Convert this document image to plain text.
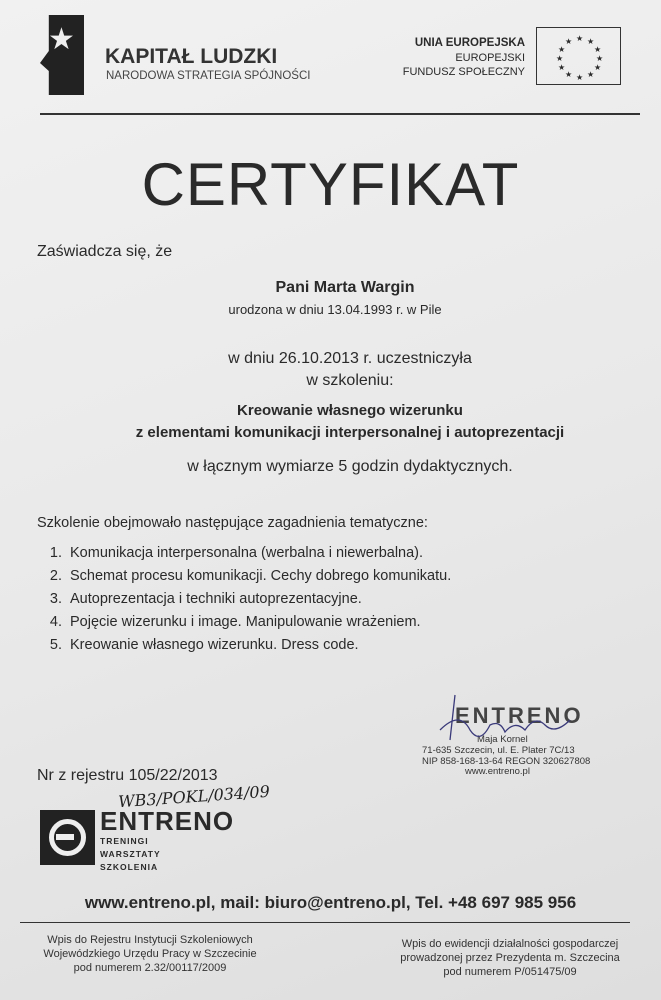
★
KAPITAŁ LUDZKI
NARODOWA STRATEGIA SPÓJNOŚCI
UNIA EUROPEJSKA
EUROPEJSKI
FUNDUSZ SPOŁECZNY
★ ★
★
★
★
★
★
★
★
★
★
★
CERTYFIKAT
Zaświadcza się, że
Pani Marta Wargin
urodzona w dniu 13.04.1993 r. w Pile
w dniu 26.10.2013 r. uczestniczyła
w szkoleniu:
Kreowanie własnego wizerunku
z elementami komunikacji interpersonalnej i autoprezentacji
w łącznym wymiarze 5 godzin dydaktycznych.
Szkolenie obejmowało następujące zagadnienia tematyczne:
1. Komunikacja interpersonalna (werbalna i niewerbalna).
2. Schemat procesu komunikacji. Cechy dobrego komunikatu.
3. Autoprezentacja i techniki autoprezentacyjne.
4. Pojęcie wizerunku i image. Manipulowanie wrażeniem.
5. Kreowanie własnego wizerunku. Dress code.
ENTRENO
Maja Kornel
71-635 Szczecin, ul. E. Plater 7C/13
NIP 858-168-13-64 REGON 320627808
www.entreno.pl
Nr z rejestru 105/22/2013
WB3/POKL/034/09
ENTRENO
TRENINGI
WARSZTATY
SZKOLENIA
www.entreno.pl, mail: biuro@entreno.pl, Tel. +48 697 985 956
Wpis do Rejestru Instytucji Szkoleniowych
Wojewódzkiego Urzędu Pracy w Szczecinie
pod numerem 2.32/00117/2009
Wpis do ewidencji działalności gospodarczej
prowadzonej przez Prezydenta m. Szczecina
pod numerem P/051475/09
